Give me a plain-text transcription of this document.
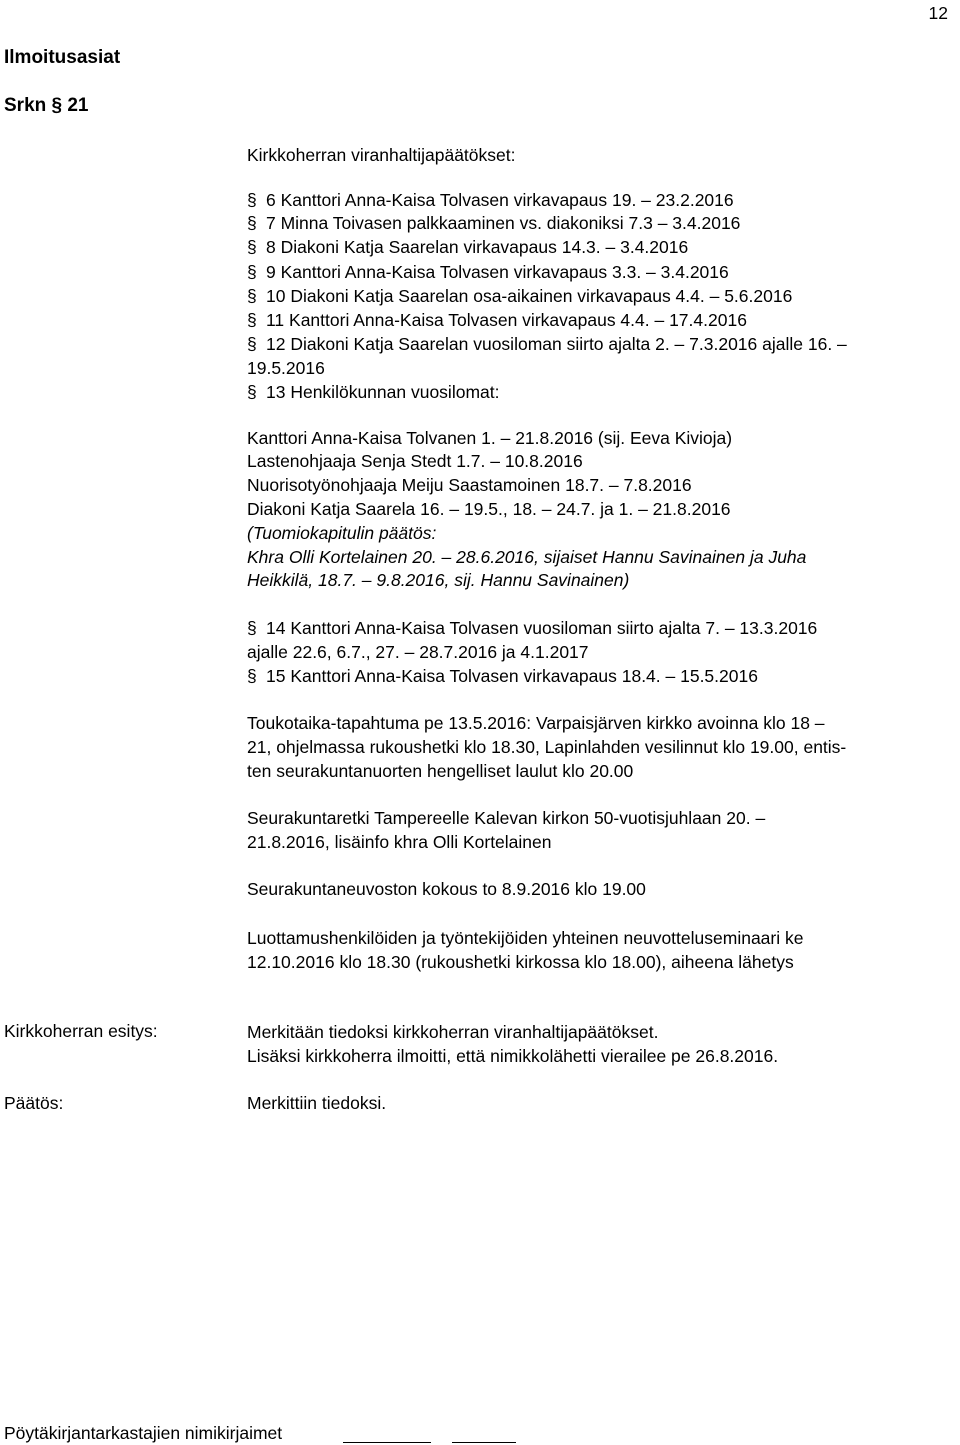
12
Ilmoitusasiat
Srkn § 21
Kirkkoherran viranhaltijapäätökset:
§ 6 Kanttori Anna-Kaisa Tolvasen virkavapaus 19. – 23.2.2016
§ 7 Minna Toivasen palkkaaminen vs. diakoniksi 7.3 – 3.4.2016
§ 8 Diakoni Katja Saarelan virkavapaus 14.3. – 3.4.2016
§ 9 Kanttori Anna-Kaisa Tolvasen virkavapaus 3.3. – 3.4.2016
§ 10 Diakoni Katja Saarelan osa-aikainen virkavapaus 4.4. – 5.6.2016
§ 11 Kanttori Anna-Kaisa Tolvasen virkavapaus 4.4. – 17.4.2016
§ 12 Diakoni Katja Saarelan vuosiloman siirto ajalta 2. – 7.3.2016 ajalle 16. –
19.5.2016
§ 13 Henkilökunnan vuosilomat:
Kanttori Anna-Kaisa Tolvanen 1. – 21.8.2016 (sij. Eeva Kivioja)
Lastenohjaaja Senja Stedt 1.7. – 10.8.2016
Nuorisotyönohjaaja Meiju Saastamoinen 18.7. – 7.8.2016
Diakoni Katja Saarela 16. – 19.5., 18. – 24.7. ja 1. – 21.8.2016
(Tuomiokapitulin päätös:
Khra Olli Kortelainen 20. – 28.6.2016, sijaiset Hannu Savinainen ja Juha
Heikkilä, 18.7. – 9.8.2016, sij. Hannu Savinainen)
§ 14 Kanttori Anna-Kaisa Tolvasen vuosiloman siirto ajalta 7. – 13.3.2016
ajalle 22.6, 6.7., 27. – 28.7.2016 ja 4.1.2017
§ 15 Kanttori Anna-Kaisa Tolvasen virkavapaus 18.4. – 15.5.2016
Toukotaika-tapahtuma pe 13.5.2016: Varpaisjärven kirkko avoinna klo 18 –
21, ohjelmassa rukoushetki klo 18.30, Lapinlahden vesilinnut klo 19.00, entis-
ten seurakuntanuorten hengelliset laulut klo 20.00
Seurakuntaretki Tampereelle Kalevan kirkon 50-vuotisjuhlaan 20. –
21.8.2016, lisäinfo khra Olli Kortelainen
Seurakuntaneuvoston kokous to 8.9.2016 klo 19.00
Luottamushenkilöiden ja työntekijöiden yhteinen neuvotteluseminaari ke
12.10.2016 klo 18.30 (rukoushetki kirkossa klo 18.00), aiheena lähetys
Kirkkoherran esitys:	Merkitään tiedoksi kirkkoherran viranhaltijapäätökset.
Lisäksi kirkkoherra ilmoitti, että nimikkolähetti vierailee pe 26.8.2016.
Päätös:	Merkittiin tiedoksi.
Pöytäkirjantarkastajien nimikirjaimet
